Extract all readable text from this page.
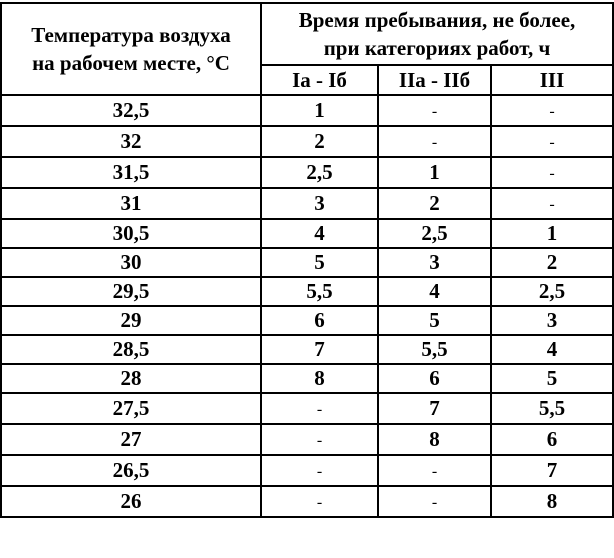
Температура воздуха
на рабочем месте, °С	Время пребывания, не более,
при категориях работ, ч		

	Iа - Iб	IIа - IIб	III
32,5	1	-	-
32	2	-	-
31,5	2,5	1	-
31	3	2	-
30,5	4	2,5	1
30	5	3	2
29,5	5,5	4	2,5
29	6	5	3
28,5	7	5,5	4
28	8	6	5
27,5	-	7	5,5
27	-	8	6
26,5	-	-	7
26	-	-	8
